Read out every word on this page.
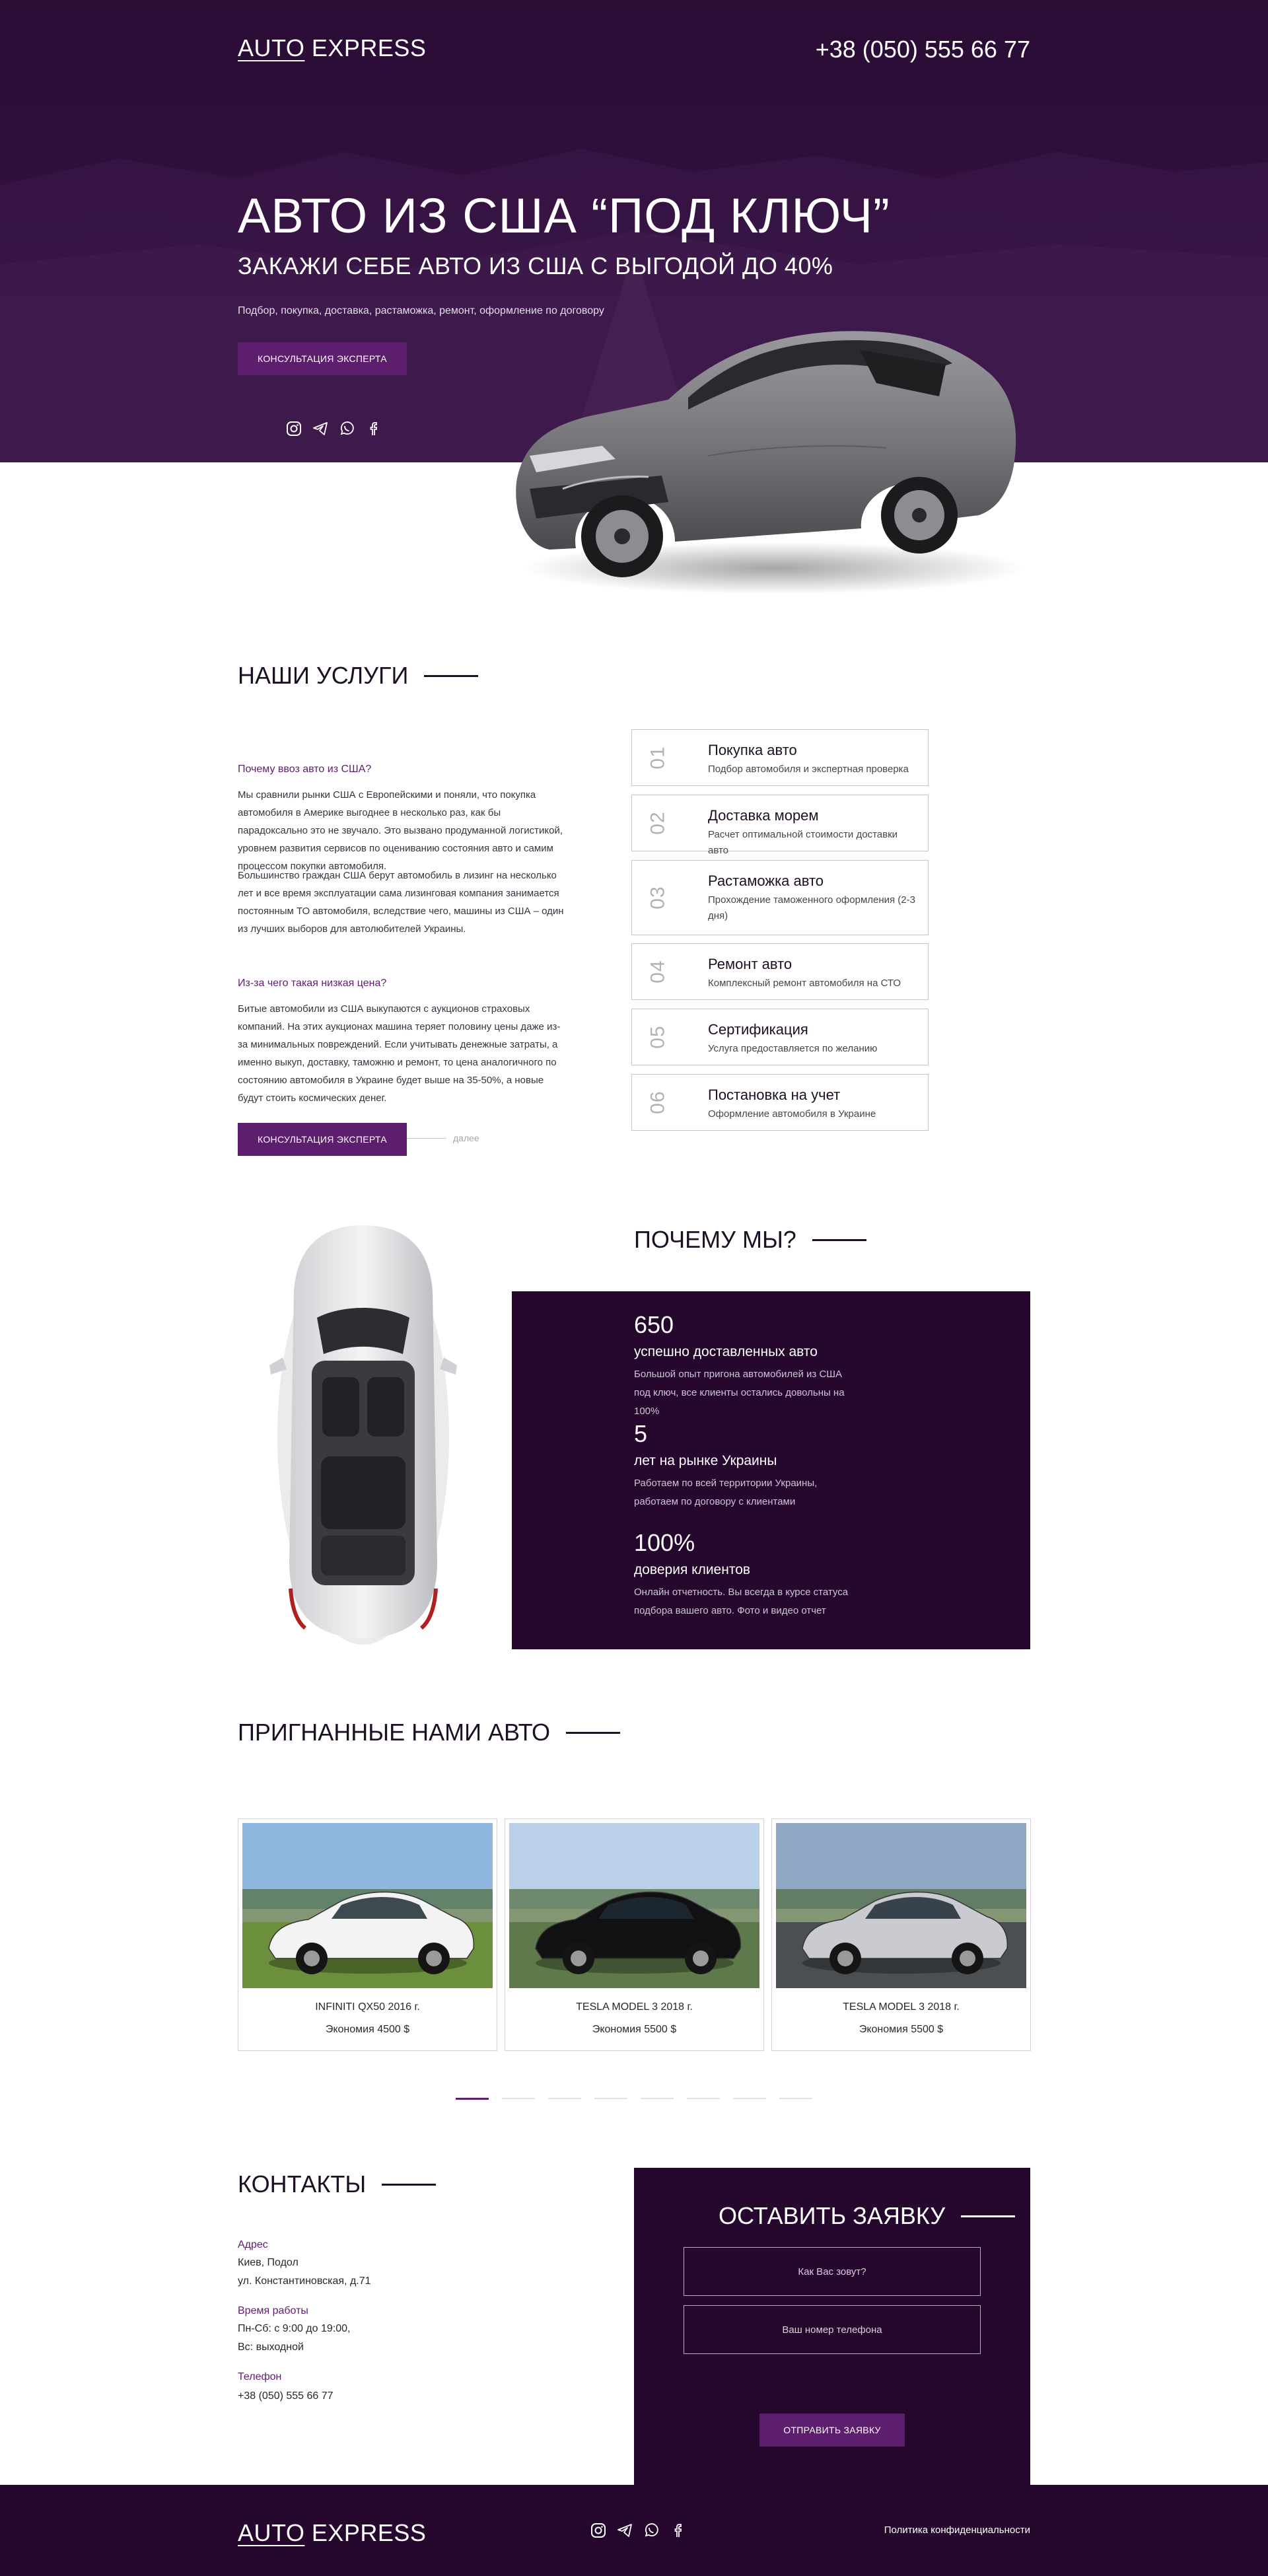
AUTO EXPRESS	+38 (050) 555 66 77
АВТО ИЗ США “ПОД КЛЮЧ”
ЗАКАЖИ СЕБЕ АВТО ИЗ США С ВЫГОДОЙ ДО 40%
Подбор, покупка, доставка, растаможка, ремонт, оформление по договору
КОНСУЛЬТАЦИЯ ЭКСПЕРТА
НАШИ УСЛУГИ
Почему ввоз авто из США?
Мы сравнили рынки США с Европейскими и поняли, что покупка автомобиля в Америке выгоднее в несколько раз, как бы парадоксально это не звучало. Это вызвано продуманной логистикой, уровнем развития сервисов по оцениванию состояния авто и самим процессом покупки автомобиля.
Большинство граждан США берут автомобиль в лизинг на несколько лет и все время эксплуатации сама лизинговая компания занимается постоянным ТО автомобиля, вследствие чего, машины из США – один из лучших выборов для автолюбителей Украины.
Из-за чего такая низкая цена?
Битые автомобили из США выкупаются с аукционов страховых компаний. На этих аукционах машина теряет половину цены даже из-за минимальных повреждений. Если учитывать денежные затраты, а именно выкуп, доставку, таможню и ремонт, то цена аналогичного по состоянию автомобиля в Украине будет выше на 35-50%, а новые будут стоить космических денег.
КОНСУЛЬТАЦИЯ ЭКСПЕРТА	далее
01	Покупка авто
Подбор автомобиля и экспертная проверка
02	Доставка морем
Расчет оптимальной стоимости доставки авто
03
Растаможка авто
Прохождение таможенного оформления (2-3 дня)
04	Ремонт авто
Комплексный ремонт автомобиля на СТО
05	Сертификация
Услуга предоставляется по желанию
06	Постановка на учет
Оформление автомобиля в Украине
ПОЧЕМУ МЫ?
650
успешно доставленных авто
Большой опыт пригона автомобилей из США под ключ, все клиенты остались довольны на 100%
5
лет на рынке Украины
Работаем по всей территории Украины, работаем по договору с клиентами
100%
доверия клиентов
Онлайн отчетность. Вы всегда в курсе статуса подбора вашего авто. Фото и видео отчет
ПРИГНАННЫЕ НАМИ АВТО
INFINITI QX50 2016 г.
Экономия 4500 $
TESLA MODEL 3 2018 г.
Экономия 5500 $
TESLA MODEL 3 2018 г.
Экономия 5500 $
КОНТАКТЫ
Адрес
Киев, Подол
ул. Константиновская, д.71
Время работы
Пн-Сб: с 9:00 до 19:00,
Вс: выходной
Телефон
+38 (050) 555 66 77
ОСТАВИТЬ ЗАЯВКУ
Как Вас зовут?
Ваш номер телефона
ОТПРАВИТЬ ЗАЯВКУ
AUTO EXPRESS	Политика конфиденциальности
